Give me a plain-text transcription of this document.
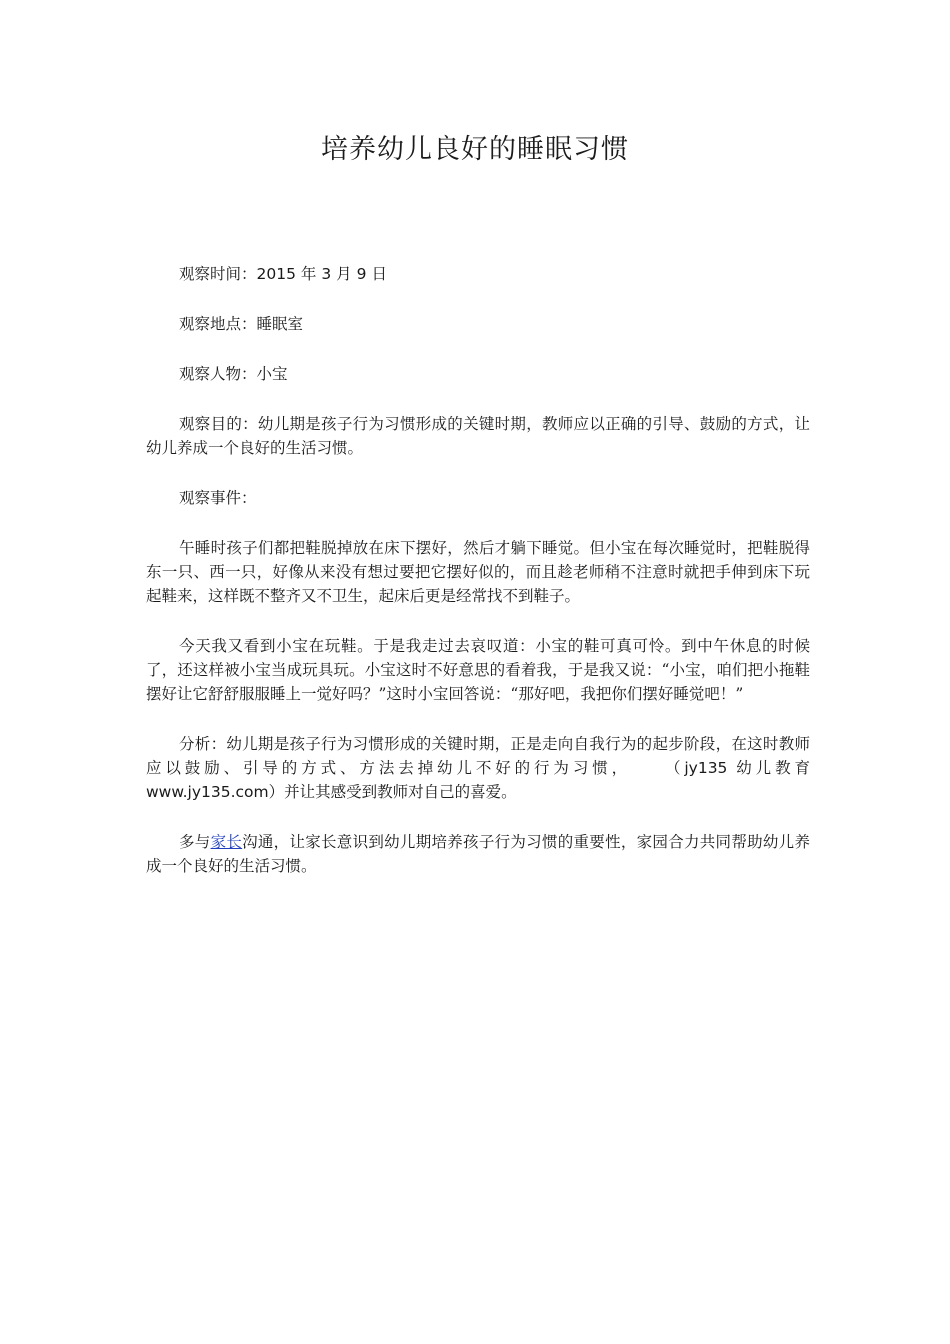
培养幼儿良好的睡眠习惯

观察时间：2015 年 3 月 9 日

观察地点：睡眠室

观察人物：小宝

观察目的：幼儿期是孩子行为习惯形成的关键时期，教师应以正确的引导、鼓励的方式，让幼儿养成一个良好的生活习惯。

观察事件：

午睡时孩子们都把鞋脱掉放在床下摆好，然后才躺下睡觉。但小宝在每次睡觉时，把鞋脱得东一只、西一只，好像从来没有想过要把它摆好似的，而且趁老师稍不注意时就把手伸到床下玩起鞋来，这样既不整齐又不卫生，起床后更是经常找不到鞋子。

今天我又看到小宝在玩鞋。于是我走过去哀叹道：小宝的鞋可真可怜。到中午休息的时候了，还这样被小宝当成玩具玩。小宝这时不好意思的看着我，于是我又说：“小宝，咱们把小拖鞋摆好让它舒舒服服睡上一觉好吗？”这时小宝回答说：“那好吧，我把你们摆好睡觉吧！”

分析：幼儿期是孩子行为习惯形成的关键时期，正是走向自我行为的起步阶段，在这时教师应以鼓励、引导的方式、方法去掉幼儿不好的行为习惯， （jy135 幼儿教育 www.jy135.com）并让其感受到教师对自己的喜爱。

多与家长沟通，让家长意识到幼儿期培养孩子行为习惯的重要性，家园合力共同帮助幼儿养成一个良好的生活习惯。
